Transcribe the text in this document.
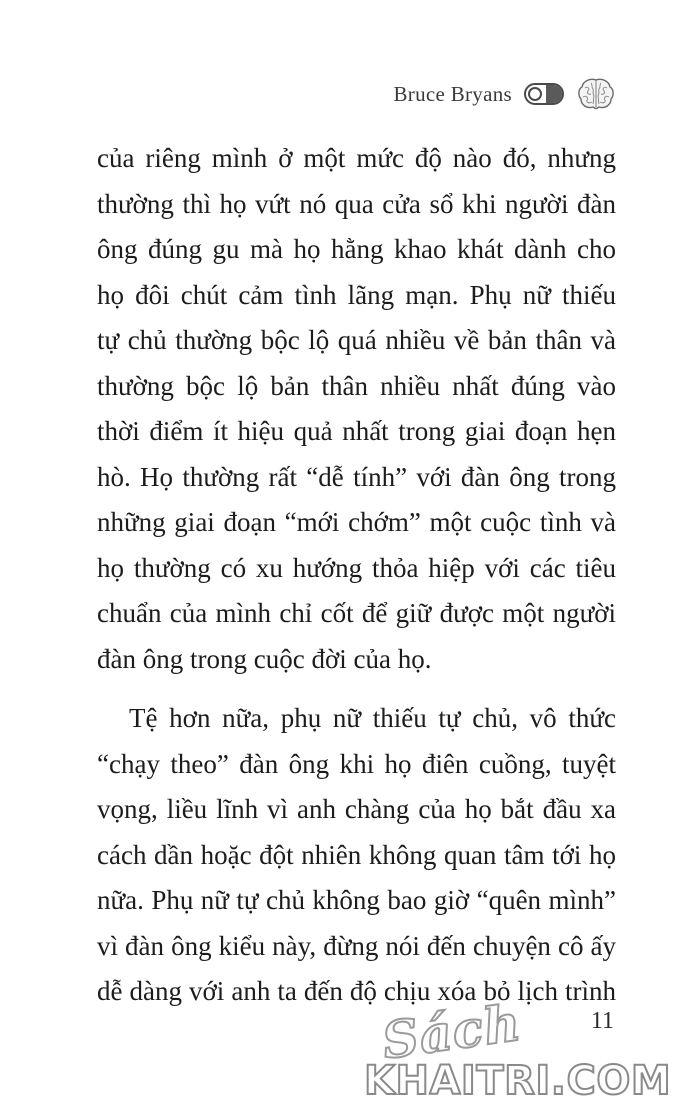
Bruce Bryans
của riêng mình ở một mức độ nào đó, nhưng
thường thì họ vứt nó qua cửa sổ khi người đàn
ông đúng gu mà họ hằng khao khát dành cho
họ đôi chút cảm tình lãng mạn. Phụ nữ thiếu
tự chủ thường bộc lộ quá nhiều về bản thân và
thường bộc lộ bản thân nhiều nhất đúng vào
thời điểm ít hiệu quả nhất trong giai đoạn hẹn
hò. Họ thường rất “dễ tính” với đàn ông trong
những giai đoạn “mới chớm” một cuộc tình và
họ thường có xu hướng thỏa hiệp với các tiêu
chuẩn của mình chỉ cốt để giữ được một người
đàn ông trong cuộc đời của họ.
Tệ hơn nữa, phụ nữ thiếu tự chủ, vô thức
“chạy theo” đàn ông khi họ điên cuồng, tuyệt
vọng, liều lĩnh vì anh chàng của họ bắt đầu xa
cách dần hoặc đột nhiên không quan tâm tới họ
nữa. Phụ nữ tự chủ không bao giờ “quên mình”
vì đàn ông kiểu này, đừng nói đến chuyện cô ấy
dễ dàng với anh ta đến độ chịu xóa bỏ lịch trình
11
Sách
KHAITRI.COM
